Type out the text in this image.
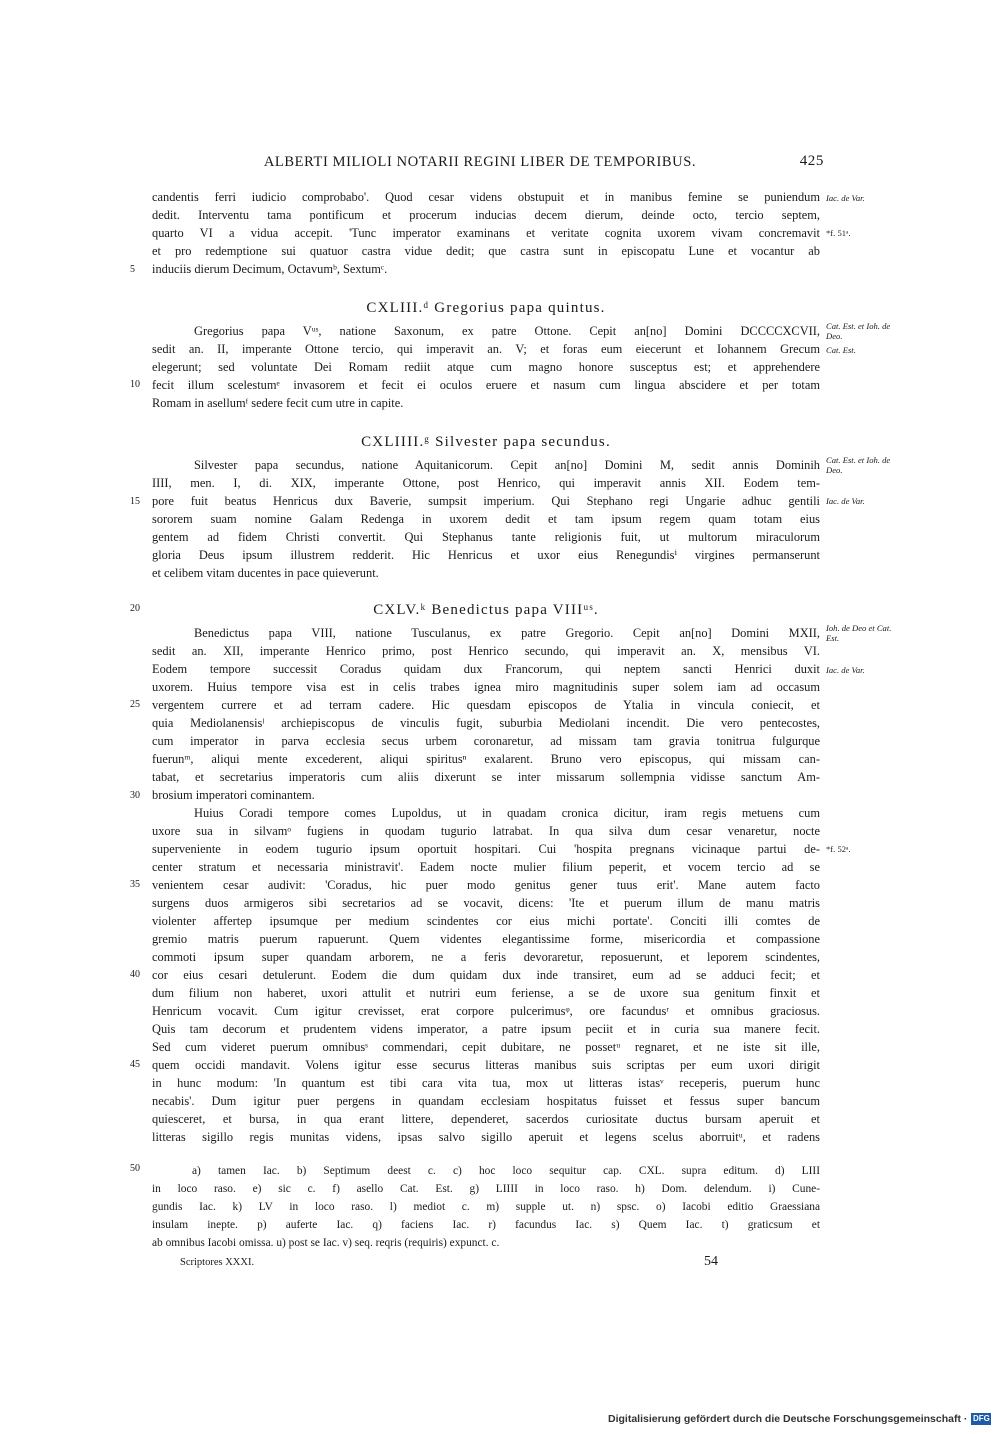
ALBERTI MILIOLI NOTARII REGINI LIBER DE TEMPORIBUS.	425
candentis ferri iudicio comprobabo'. Quod cesar videns obstupuit et in manibus femine se puniendum
dedit. Interventu tama pontificum et procerum inducias decem dierum, deinde octo, tercio septem,
quarto VI a vidua accepit. 'Tunc imperator examinans et veritate cognita uxorem vivam concremavit
et pro redemptione sui quatuor castra vidue dedit; que castra sunt in episcopatu Lune et vocantur ab
induciis dierum Decimum, Octavumᵇ, Sextumᶜ.
CXLIII.ᵈ Gregorius papa quintus.
Gregorius papa Vᵘˢ, natione Saxonum, ex patre Ottone. Cepit an[no] Domini DCCCCXCVII,
sedit an. II, imperante Ottone tercio, qui imperavit an. V; et foras eum eiecerunt et Iohannem Grecum
elegerunt; sed voluntate Dei Romam rediit atque cum magno honore susceptus est; et apprehendere
fecit illum scelestumᵉ invasorem et fecit ei oculos eruere et nasum cum lingua abscidere et per totam
Romam in asellumᶠ sedere fecit cum utre in capite.
CXLIIII.ᵍ Silvester papa secundus.
Silvester papa secundus, natione Aquitanicorum. Cepit an[no] Domini M, sedit annis Dominih
IIII, men. I, di. XIX, imperante Ottone, post Henrico, qui imperavit annis XII. Eodem tem-
pore fuit beatus Henricus dux Baverie, sumpsit imperium. Qui Stephano regi Ungarie adhuc gentili
sororem suam nomine Galam Redenga in uxorem dedit et tam ipsum regem quam totam eius
gentem ad fidem Christi convertit. Qui Stephanus tante religionis fuit, ut multorum miraculorum
gloria Deus ipsum illustrem redderit. Hic Henricus et uxor eius Renegundisⁱ virgines permanserunt
et celibem vitam ducentes in pace quieverunt.
CXLV.ᵏ Benedictus papa VIIIᵘˢ.
Benedictus papa VIII, natione Tusculanus, ex patre Gregorio. Cepit an[no] Domini MXII,
sedit an. XII, imperante Henrico primo, post Henrico secundo, qui imperavit an. X, mensibus VI.
Eodem tempore successit Coradus quidam dux Francorum, qui neptem sancti Henrici duxit
uxorem. Huius tempore visa est in celis trabes ignea miro magnitudinis super solem iam ad occasum
vergentem currere et ad terram cadere. Hic quesdam episcopos de Ytalia in vincula coniecit, et
quia Mediolanensisˡ archiepiscopus de vinculis fugit, suburbia Mediolani incendit. Die vero pentecostes,
cum imperator in parva ecclesia secus urbem coronaretur, ad missam tam gravia tonitrua fulgurque
fuerunᵐ, aliqui mente excederent, aliqui spiritusⁿ exalarent. Bruno vero episcopus, qui missam can-
tabat, et secretarius imperatoris cum aliis dixerunt se inter missarum sollempnia vidisse sanctum Am-
brosium imperatori cominantem.
Huius Coradi tempore comes Lupoldus, ut in quadam cronica dicitur, iram regis metuens cum
uxore sua in silvamᵒ fugiens in quodam tugurio latrabat. In qua silva dum cesar venaretur, nocte
superveniente in eodem tugurio ipsum oportuit hospitari. Cui 'hospita pregnans vicinaque partui de-
center stratum et necessaria ministravit'. Eadem nocte mulier filium peperit, et vocem tercio ad se
venientem cesar audivit: 'Coradus, hic puer modo genitus gener tuus erit'. Mane autem facto
surgens duos armigeros sibi secretarios ad se vocavit, dicens: 'Ite et puerum illum de manu matris
violenter affertep ipsumque per medium scindentes cor eius michi portate'. Conciti illi comtes de
gremio matris puerum rapuerunt. Quem videntes elegantissime forme, misericordia et compassione
commoti ipsum super quandam arborem, ne a feris devoraretur, reposuerunt, et leporem scindentes,
cor eius cesari detulerunt. Eodem die dum quidam dux inde transiret, eum ad se adduci fecit; et
dum filium non haberet, uxori attulit et nutriri eum feriense, a se de uxore sua genitum finxit et
Henricum vocavit. Cum igitur crevisset, erat corpore pulcerimusᵠ, ore facundusʳ et omnibus graciosus.
Quis tam decorum et prudentem videns imperator, a patre ipsum peciit et in curia sua manere fecit.
Sed cum videret puerum omnibusˢ commendari, cepit dubitare, ne possetᵘ regnaret, et ne iste sit ille,
quem occidi mandavit. Volens igitur esse securus litteras manibus suis scriptas per eum uxori dirigit
in hunc modum: 'In quantum est tibi cara vita tua, mox ut litteras istasᵛ receperis, puerum hunc
necabis'. Dum igitur puer pergens in quandam ecclesiam hospitatus fuisset et fessus super bancum
quiesceret, et bursa, in qua erant littere, dependeret, sacerdos curiositate ductus bursam aperuit et
litteras sigillo regis munitas videns, ipsas salvo sigillo aperuit et legens scelus aborruitᵘ, et radens
5
10
15
20
25
30
35
40
45
50
Iac. de Var.
*f. 51ᵃ.
Cat. Est. et Ioh. de Deo.
Cat. Est.
Cat. Est. et Ioh. de Deo.
Iac. de Var.
Ioh. de Deo et Cat. Est.
Iac. de Var.
*f. 52ᵃ.
a) tamen Iac. b) Septimum deest c. c) hoc loco sequitur cap. CXL. supra editum. d) LIII
in loco raso. e) sic c. f) asello Cat. Est. g) LIIII in loco raso. h) Dom. delendum. i) Cune-
gundis Iac. k) LV in loco raso. l) mediot c. m) supple ut. n) spsc. o) Iacobi editio Graessiana
insulam inepte. p) auferte Iac. q) faciens Iac. r) facundus Iac. s) Quem Iac. t) graticsum et
ab omnibus Iacobi omissa. u) post se Iac. v) seq. reqris (requiris) expunct. c.
Scriptores XXXI.	54
Digitalisierung gefördert durch die Deutsche Forschungsgemeinschaft · DFG
